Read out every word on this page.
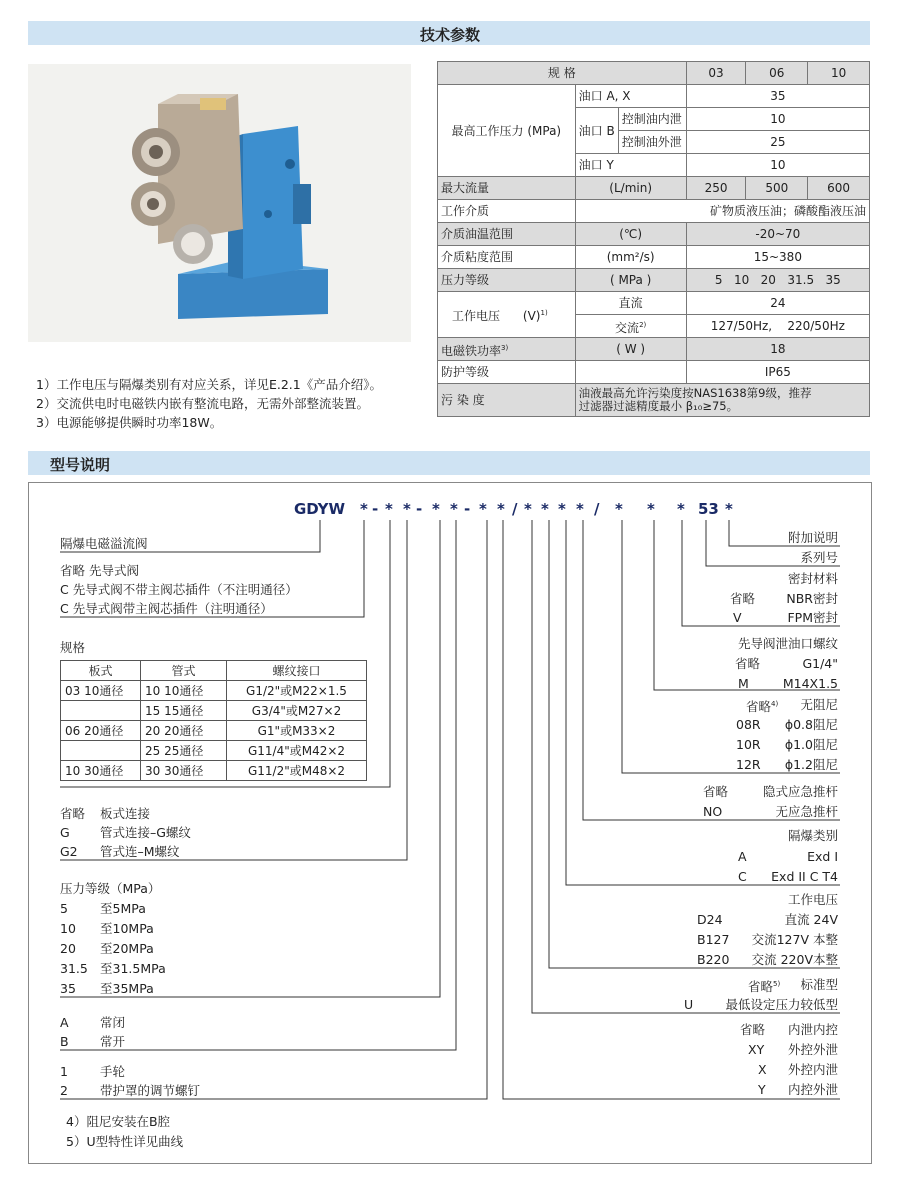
技术参数
规 格			03	06	10
最高工作压力 (MPa)	油口 A, X		35		
	油口 B	控制油内泄	10		
		控制油外泄	25		
	油口 Y		10		
最大流量	(L/min)		250	500	600
工作介质	矿物质液压油；磷酸酯液压油				
介质油温范围	(℃)		-20~70		
介质粘度范围	(mm²/s)		15~380		
压力等级	( MPa )		5   10   20   31.5   35		
工作电压 $(V)^{1)}$	直流		24		
	交流$^{2)}$		127/50Hz,    220/50Hz		
电磁铁功率$^{3)}$	( W )		18		
防护等级			IP65		
污 染 度	油液最高允许污染度按NAS1638第9级，推荐
过滤器过滤精度最小 β₁₀≥75。				
1）工作电压与隔爆类别有对应关系，详见E.2.1《产品介绍》。
2）交流供电时电磁铁内嵌有整流电路，无需外部整流装置。
3）电源能够提供瞬时功率18W。
型号说明
GDYW * - * * - * * - * * / * * * * / * * * 53 *
隔爆电磁溢流阀
省略 先导式阀
C 先导式阀不带主阀芯插件（不注明通径）
C 先导式阀带主阀芯插件（注明通径）
规格
板式	管式	螺纹接口
03 10通径	10 10通径	G1/2"或M22×1.5
	15 15通径	G3/4"或M27×2
06 20通径	20 20通径	G1"或M33×2
	25 25通径	G11/4"或M42×2
10 30通径	30 30通径	G11/2"或M48×2
省略 板式连接
G 管式连接–G螺纹
G2 管式连–M螺纹
压力等级（MPa）
5	至5MPa
10 至10MPa
20 至20MPa
31.5 至31.5MPa
35 至35MPa
A	常闭
B	常开
1	手轮
2	带护罩的调节螺钉
4）阻尼安装在B腔
5）U型特性详见曲线
附加说明
系列号
密封材料
省略	NBR密封
V	FPM密封
先导阀泄油口螺纹
省略	G1/4"
M	M14X1.5
省略$^{4)}$ 无阻尼
08R ϕ0.8阻尼
10R ϕ1.0阻尼
12R ϕ1.2阻尼
省略	隐式应急推杆
NO	无应急推杆
隔爆类别
A	Exd I
C Exd II C T4
工作电压
D24	直流 24V
B127 交流127V 本整
B220 交流 220V本整
省略$^{5)}$ 标准型
U	最低设定压力较低型
省略 内泄内控
XY 外控外泄
X 外控内泄
Y 内控外泄
